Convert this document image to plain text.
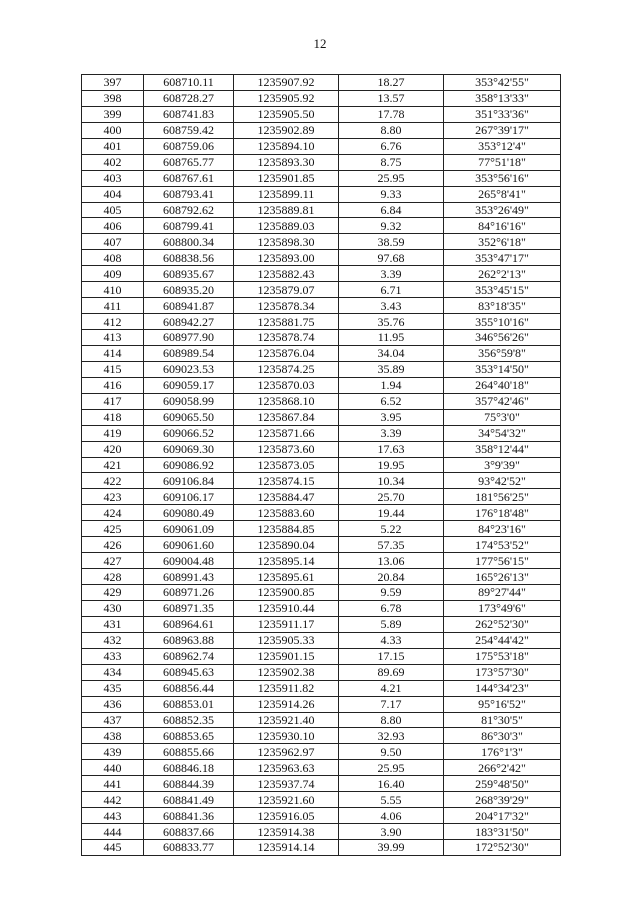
12
397	608710.11	1235907.92	18.27	353°42'55"
398	608728.27	1235905.92	13.57	358°13'33"
399	608741.83	1235905.50	17.78	351°33'36"
400	608759.42	1235902.89	8.80	267°39'17"
401	608759.06	1235894.10	6.76	353°12'4"
402	608765.77	1235893.30	8.75	77°51'18"
403	608767.61	1235901.85	25.95	353°56'16"
404	608793.41	1235899.11	9.33	265°8'41"
405	608792.62	1235889.81	6.84	353°26'49"
406	608799.41	1235889.03	9.32	84°16'16"
407	608800.34	1235898.30	38.59	352°6'18"
408	608838.56	1235893.00	97.68	353°47'17"
409	608935.67	1235882.43	3.39	262°2'13"
410	608935.20	1235879.07	6.71	353°45'15"
411	608941.87	1235878.34	3.43	83°18'35"
412	608942.27	1235881.75	35.76	355°10'16"
413	608977.90	1235878.74	11.95	346°56'26"
414	608989.54	1235876.04	34.04	356°59'8"
415	609023.53	1235874.25	35.89	353°14'50"
416	609059.17	1235870.03	1.94	264°40'18"
417	609058.99	1235868.10	6.52	357°42'46"
418	609065.50	1235867.84	3.95	75°3'0"
419	609066.52	1235871.66	3.39	34°54'32"
420	609069.30	1235873.60	17.63	358°12'44"
421	609086.92	1235873.05	19.95	3°9'39"
422	609106.84	1235874.15	10.34	93°42'52"
423	609106.17	1235884.47	25.70	181°56'25"
424	609080.49	1235883.60	19.44	176°18'48"
425	609061.09	1235884.85	5.22	84°23'16"
426	609061.60	1235890.04	57.35	174°53'52"
427	609004.48	1235895.14	13.06	177°56'15"
428	608991.43	1235895.61	20.84	165°26'13"
429	608971.26	1235900.85	9.59	89°27'44"
430	608971.35	1235910.44	6.78	173°49'6"
431	608964.61	1235911.17	5.89	262°52'30"
432	608963.88	1235905.33	4.33	254°44'42"
433	608962.74	1235901.15	17.15	175°53'18"
434	608945.63	1235902.38	89.69	173°57'30"
435	608856.44	1235911.82	4.21	144°34'23"
436	608853.01	1235914.26	7.17	95°16'52"
437	608852.35	1235921.40	8.80	81°30'5"
438	608853.65	1235930.10	32.93	86°30'3"
439	608855.66	1235962.97	9.50	176°1'3"
440	608846.18	1235963.63	25.95	266°2'42"
441	608844.39	1235937.74	16.40	259°48'50"
442	608841.49	1235921.60	5.55	268°39'29"
443	608841.36	1235916.05	4.06	204°17'32"
444	608837.66	1235914.38	3.90	183°31'50"
445	608833.77	1235914.14	39.99	172°52'30"
